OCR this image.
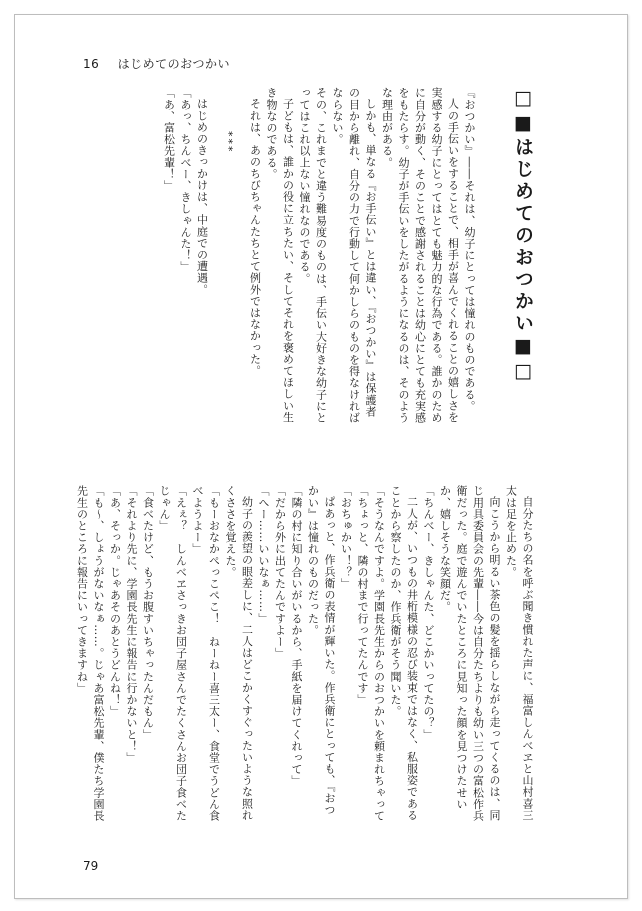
16 はじめてのおつかい

□■はじめてのおつかい■□

『おつかい』――それは、幼子にとっては憧れのものである。

人の手伝いをすることで、相手が喜んでくれることの嬉しさを実感する幼子にとってはとても魅力的な行為である。誰かのために自分が動く、そのことで感謝されることは幼心にとても充実感をもたらす。幼子が手伝いをしたがるようになるのは、そのような理由がある。

しかも、単なる『お手伝い』とは違い、『おつかい』は保護者の目から離れ、自分の力で行動して何かしらのものを得なければならない。

その、これまでと違う難易度のものは、手伝い大好きな幼子にとってはこれ以上ない憧れなのである。

子どもは、誰かの役に立ちたい、そしてそれを褒めてほしい生き物なのである。

それは、あのちびちゃんたちとて例外ではなかった。

***

はじめのきっかけは、中庭での遭遇。

「あっ、ちんべー、きしゃんた！」

「あ、富松先輩！」

自分たちの名を呼ぶ聞き慣れた声に、福富しんべヱと山村喜三太は足を止めた。

向こうから明るい茶色の髪を揺らしながら走ってくるのは、同じ用具委員会の先輩――今は自分たちよりも幼い三つの富松作兵衛だった。庭で遊んでいたところに見知った顔を見つけたせいか、嬉しそうな笑顔だ。

「ちんべー、きしゃんた、どこかいってたの？」

二人が、いつもの井桁模様の忍び装束ではなく、私服姿であることから察したのか、作兵衛がそう聞いた。

「そうなんですよ。学園長先生からのおつかいを頼まれちゃって

「ちょっと、隣の村まで行ってたんです」

「おちゅかい！？」

ぱあっと、作兵衛の表情が輝いた。作兵衛にとっても、『おつかい』は憧れのものだった。

「隣の村に知り合いがいるから、手紙を届けてくれって」

「だから外に出てたんですよー」

「へー……いいなぁ……」

幼子の羨望の眼差しに、二人はどこかくすぐったいような照れくささを覚えた。

「もーおなかぺっこぺこ！　ねーねー喜三太ー、食堂でうどん食べようよー」

「えぇ？　しんべヱさっきお団子屋さんでたくさんお団子食べたじゃん」

「食べたけど、もうお腹すいちゃったんだもん」

「それより先に、学園長先生に報告に行かないと！」

「あ、そっか。じゃあそのあとうどんね！」

「も～、しょうがないなぁ……。じゃあ富松先輩、僕たち学園長先生のところに報告にいってきますね」

79
